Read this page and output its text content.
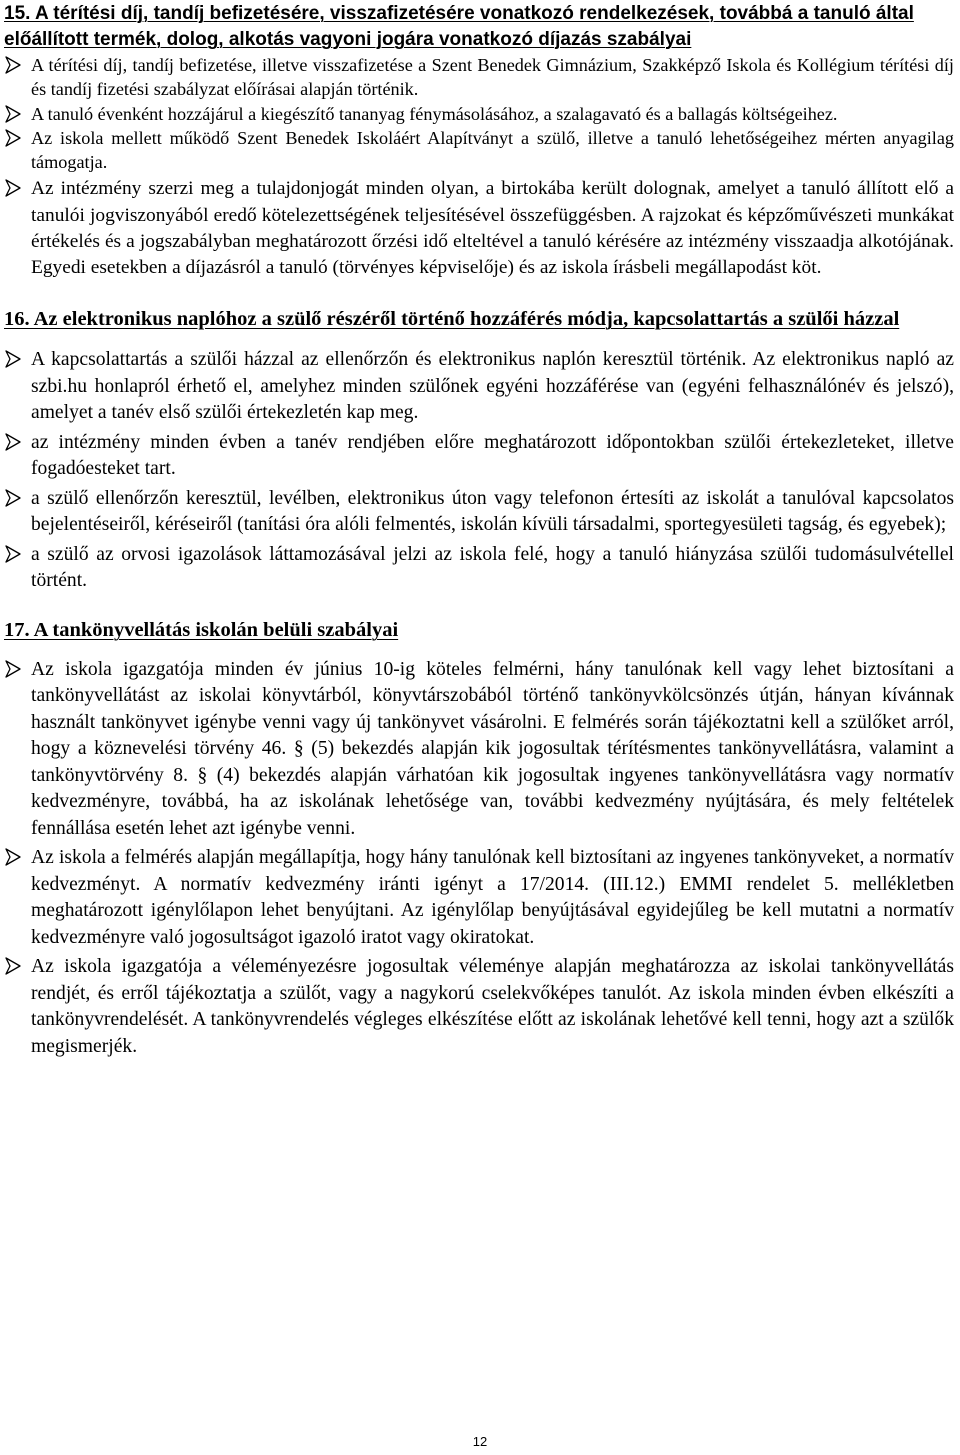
15. A térítési díj, tandíj befizetésére, visszafizetésére vonatkozó rendelkezések, továbbá a tanuló által előállított termék, dolog, alkotás vagyoni jogára vonatkozó díjazás szabályai

A térítési díj, tandíj befizetése, illetve visszafizetése a Szent Benedek Gimnázium, Szakképző Iskola és Kollégium térítési díj és tandíj fizetési szabályzat előírásai alapján történik.
A tanuló évenként hozzájárul a kiegészítő tananyag fénymásolásához, a szalagavató és a ballagás költségeihez.
Az iskola mellett működő Szent Benedek Iskoláért Alapítványt a szülő, illetve a tanuló lehetőségeihez mérten anyagilag támogatja.
Az intézmény szerzi meg a tulajdonjogát minden olyan, a birtokába került dolognak, amelyet a tanuló állított elő a tanulói jogviszonyából eredő kötelezettségének teljesítésével összefüggésben. A rajzokat és képzőművészeti munkákat értékelés és a jogszabályban meghatározott őrzési idő elteltével a tanuló kérésére az intézmény visszaadja alkotójának. Egyedi esetekben a díjazásról a tanuló (törvényes képviselője) és az iskola írásbeli megállapodást köt.

16. Az elektronikus naplóhoz a szülő részéről történő hozzáférés módja, kapcsolattartás a szülői házzal

A kapcsolattartás a szülői házzal az ellenőrzőn és elektronikus naplón keresztül történik. Az elektronikus napló az szbi.hu honlapról érhető el, amelyhez minden szülőnek egyéni hozzáférése van (egyéni felhasználónév és jelszó), amelyet a tanév első szülői értekezletén kap meg.
az intézmény minden évben a tanév rendjében előre meghatározott időpontokban szülői értekezleteket, illetve fogadóesteket tart.
a szülő ellenőrzőn keresztül, levélben, elektronikus úton vagy telefonon értesíti az iskolát a tanulóval kapcsolatos bejelentéseiről, kéréseiről (tanítási óra alóli felmentés, iskolán kívüli társadalmi, sportegyesületi tagság, és egyebek);
a szülő az orvosi igazolások láttamozásával jelzi az iskola felé, hogy a tanuló hiányzása szülői tudomásulvétellel történt.

17. A tankönyvellátás iskolán belüli szabályai

Az iskola igazgatója minden év június 10-ig köteles felmérni, hány tanulónak kell vagy lehet biztosítani a tankönyvellátást az iskolai könyvtárból, könyvtárszobából történő tankönyvkölcsönzés útján, hányan kívánnak használt tankönyvet igénybe venni vagy új tankönyvet vásárolni. E felmérés során tájékoztatni kell a szülőket arról, hogy a köznevelési törvény 46. § (5) bekezdés alapján kik jogosultak térítésmentes tankönyvellátásra, valamint a tankönyvtörvény 8. § (4) bekezdés alapján várhatóan kik jogosultak ingyenes tankönyvellátásra vagy normatív kedvezményre, továbbá, ha az iskolának lehetősége van, további kedvezmény nyújtására, és mely feltételek fennállása esetén lehet azt igénybe venni.
Az iskola a felmérés alapján megállapítja, hogy hány tanulónak kell biztosítani az ingyenes tankönyveket, a normatív kedvezményt. A normatív kedvezmény iránti igényt a 17/2014. (III.12.) EMMI rendelet 5. mellékletben meghatározott igénylőlapon lehet benyújtani. Az igénylőlap benyújtásával egyidejűleg be kell mutatni a normatív kedvezményre való jogosultságot igazoló iratot vagy okiratokat.
Az iskola igazgatója a véleményezésre jogosultak véleménye alapján meghatározza az iskolai tankönyvellátás rendjét, és erről tájékoztatja a szülőt, vagy a nagykorú cselekvőképes tanulót. Az iskola minden évben elkészíti a tankönyvrendelését. A tankönyvrendelés végleges elkészítése előtt az iskolának lehetővé kell tenni, hogy azt a szülők megismerjék.
12
